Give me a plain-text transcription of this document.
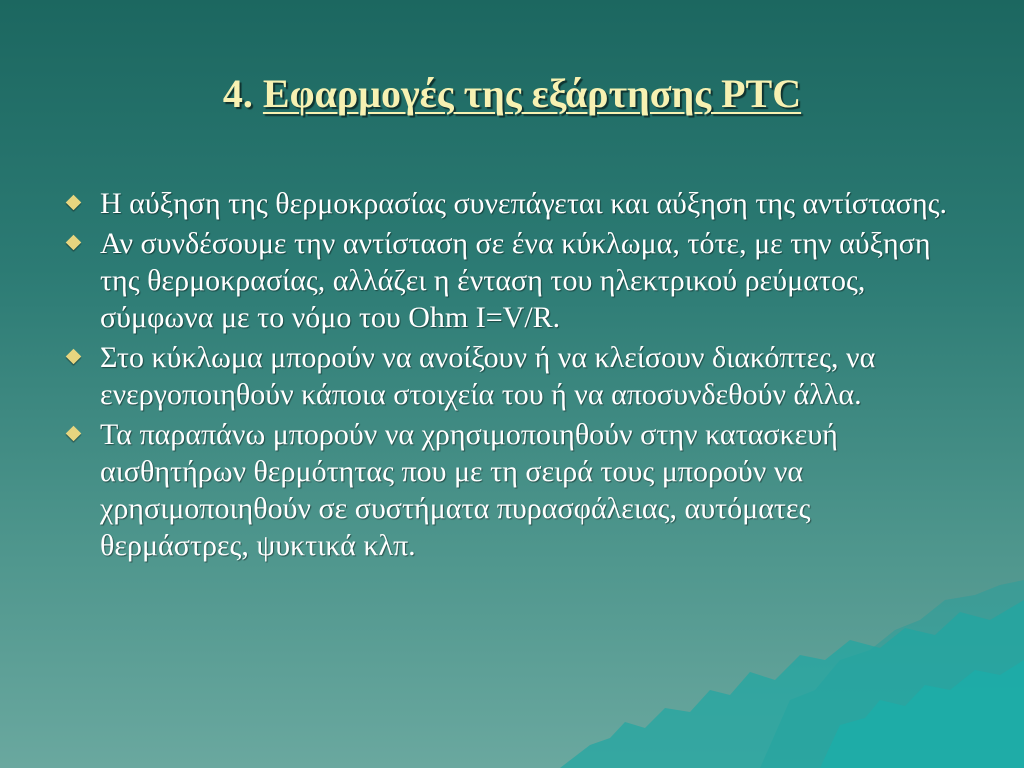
4. Εφαρμογές της εξάρτησης PTC
Η αύξηση της θερμοκρασίας συνεπάγεται και αύξηση της αντίστασης.
Αν συνδέσουμε την αντίσταση σε ένα κύκλωμα, τότε, με την αύξηση της θερμοκρασίας, αλλάζει η ένταση του ηλεκτρικού ρεύματος, σύμφωνα με το νόμο του Ohm I=V/R.
Στο κύκλωμα μπορούν να ανοίξουν ή να κλείσουν διακόπτες, να ενεργοποιηθούν κάποια στοιχεία του ή να αποσυνδεθούν άλλα.
Τα παραπάνω μπορούν να χρησιμοποιηθούν στην κατασκευή αισθητήρων θερμότητας που με τη σειρά τους μπορούν να χρησιμοποιηθούν σε συστήματα πυρασφάλειας, αυτόματες θερμάστρες, ψυκτικά κλπ.
